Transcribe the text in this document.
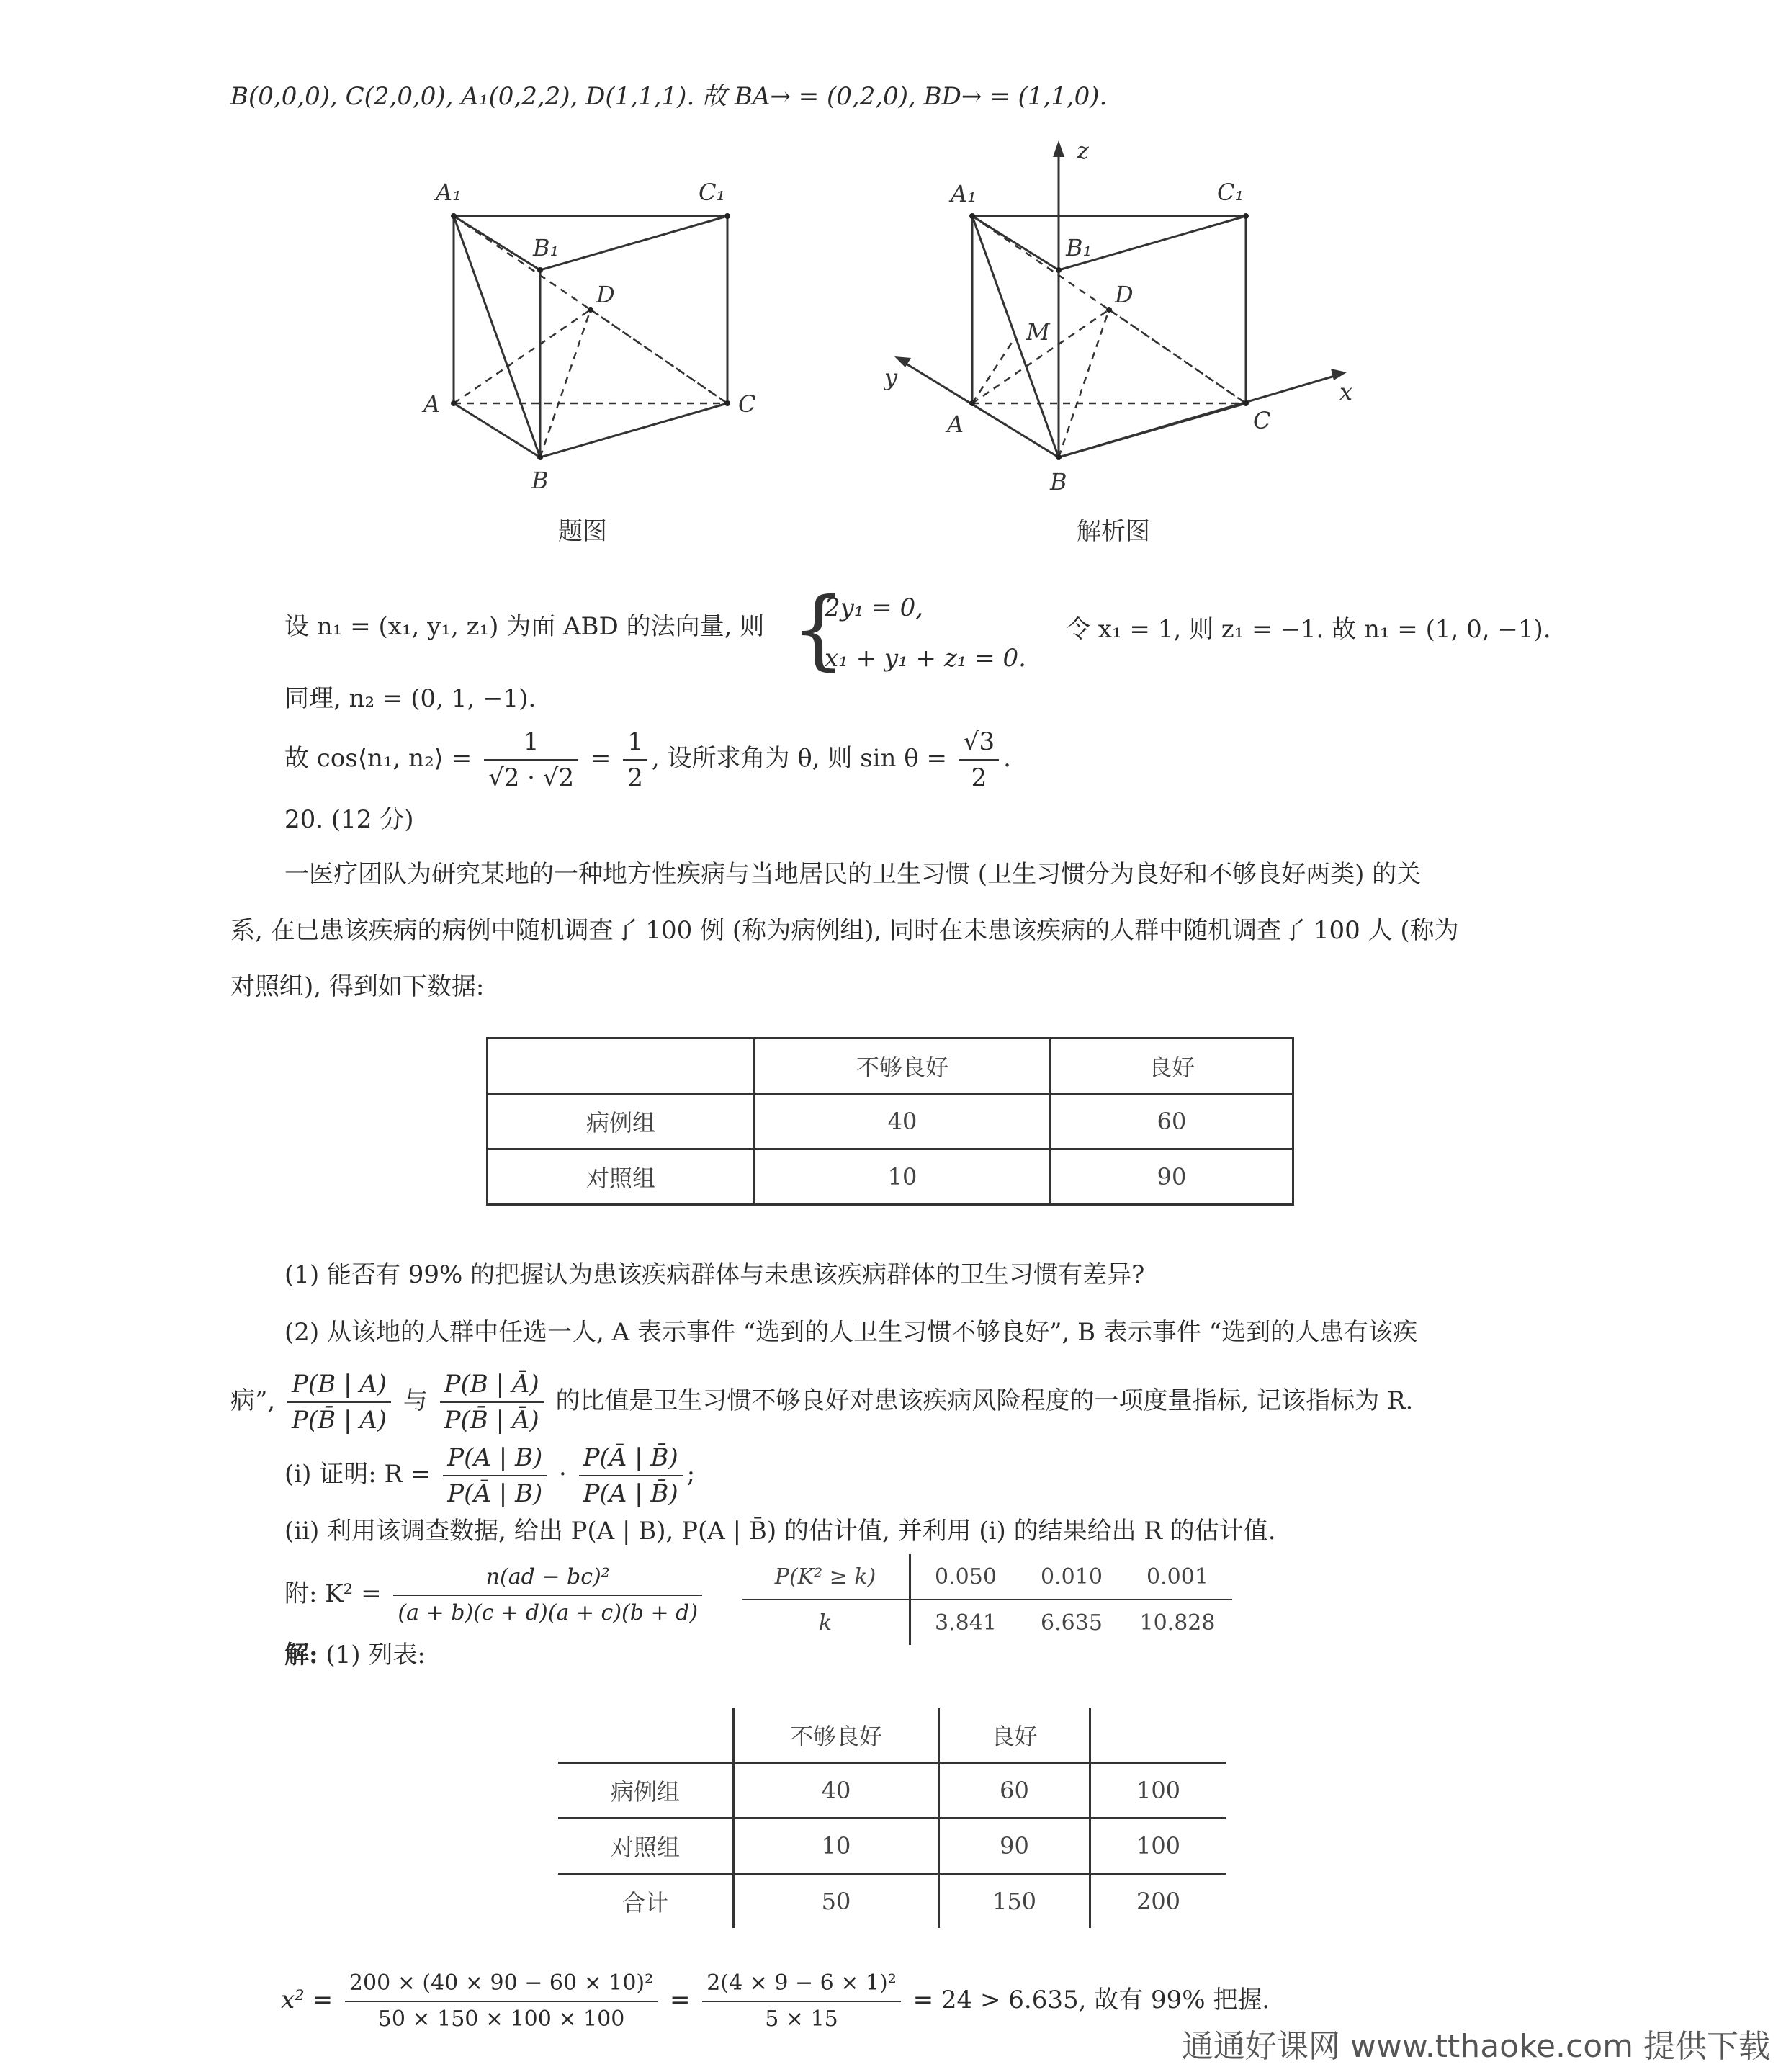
B(0,0,0), C(2,0,0), A₁(0,2,2), D(1,1,1). 故 BA→ = (0,2,0), BD→ = (1,1,0).
A₁	C₁
B₁
D
A	C
B
题图
z
A₁	C₁
B₁
D
M
y
A	C
x
B
解析图
设 n₁ = (x₁, y₁, z₁) 为面 ABD 的法向量, 则 {
2y₁ = 0,
x₁ + y₁ + z₁ = 0.
令 x₁ = 1, 则 z₁ = −1. 故 n₁ = (1, 0, −1).
同理, n₂ = (0, 1, −1).
故 cos⟨n₁, n₂⟩ = $\frac{1}{√2 \cdot √2} = \frac{1}{2}$ , 设所求角为 θ, 则 $\sin \theta = \frac{√3}{2}$ .
20. (12 分)
一医疗团队为研究某地的一种地方性疾病与当地居民的卫生习惯 (卫生习惯分为良好和不够良好两类) 的关
系, 在已患该疾病的病例中随机调查了 100 例 (称为病例组), 同时在未患该疾病的人群中随机调查了 100 人 (称为
对照组), 得到如下数据:
	不够良好	良好
病例组	40	60
对照组	10	90
(1) 能否有 99% 的把握认为患该疾病群体与未患该疾病群体的卫生习惯有差异?
(2) 从该地的人群中任选一人, A 表示事件 “选到的人卫生习惯不够良好”, B 表示事件 “选到的人患有该疾
病”, $\frac{P(B | A)}{P(B̄ | A)}$ 与 $\frac{P(B | Ā)}{P(B̄ | Ā)}$ 的比值是卫生习惯不够良好对患该疾病风险程度的一项度量指标, 记该指标为 R.
(i) 证明: $R = \frac{P(A | B)}{P(Ā | B)} \cdot \frac{P(Ā | B̄)}{P(A | B̄)}$ ;
(ii) 利用该调查数据, 给出 P(A | B), P(A | B̄) 的估计值, 并利用 (i) 的结果给出 R 的估计值.
附: $K^2 = \frac{\text{n(ad − bc)²}}{(a + b)(c + d)(a + c)(b + d)}$	P(K² ≥ k)	0.050	0.010	0.001
k	3.841	6.635	10.828
解: (1) 列表:
	不够良好	良好	
病例组	40	60	100
对照组	10	90	100
合计	50	150	200
$x^2 = \frac{\text{200 × (40 × 90 − 60 × 10)²}}{50 \times 150 \times 100 \times 100} = \frac{\text{2(4 × 9 − 6 × 1)²}}{5 \times 15} = 24 > 6.635$, 故有 99% 把握.
通通好课网 www.tthaoke.com 提供下载
